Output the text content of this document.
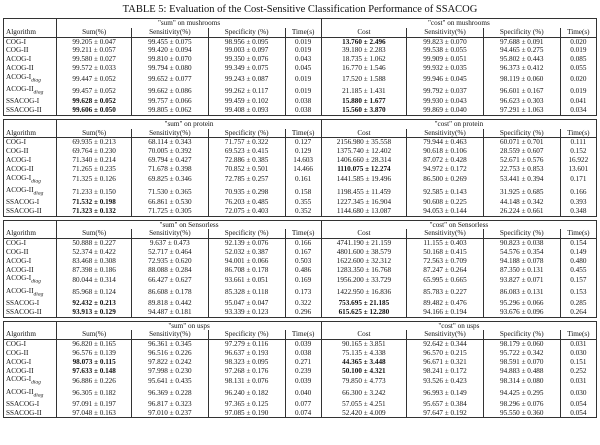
TABLE 5: Evaluation of the Cost-Sensitive Classification Performance of SSACOG
	"sum" on mushrooms				"cost" on mushrooms			
Algorithm	Sum(%)	Sensitivity(%)	Specificity (%)	Time(s)	Cost	Sensitivity(%)	Specificity (%)	Time(s)
COG-I	99.205 ± 0.047	99.455 ± 0.075	98.956 ± 0.095	0.019	13.760 ± 2.496	99.823 ± 0.070	97.688 ± 0.091	0.020
COG-II	99.211 ± 0.057	99.420 ± 0.094	99.003 ± 0.097	0.019	39.180 ± 2.283	99.538 ± 0.055	94.465 ± 0.275	0.019
ACOG-I	99.580 ± 0.027	99.810 ± 0.070	99.350 ± 0.076	0.043	18.735 ± 1.062	99.909 ± 0.051	95.802 ± 0.443	0.085
ACOG-II	99.572 ± 0.033	99.794 ± 0.080	99.349 ± 0.075	0.045	16.770 ± 1.546	99.932 ± 0.035	96.373 ± 0.412	0.055
ACOG-$I_{diag}$	99.447 ± 0.052	99.652 ± 0.077	99.243 ± 0.087	0.019	17.520 ± 1.588	99.946 ± 0.045	98.119 ± 0.060	0.020
ACOG-$II_{diag}$	99.457 ± 0.052	99.662 ± 0.086	99.262 ± 0.117	0.019	21.185 ± 1.431	99.792 ± 0.037	96.601 ± 0.167	0.019
SSACOG-I	99.628 ± 0.052	99.757 ± 0.066	99.459 ± 0.102	0.038	15.880 ± 1.677	99.930 ± 0.043	96.623 ± 0.303	0.041
SSACOG-II	99.606 ± 0.050	99.805 ± 0.062	99.408 ± 0.093	0.038	15.560 ± 3.870	99.869 ± 0.040	97.291 ± 1.063	0.034

	"sum" on protein				"cost" on protein			
Algorithm	Sum(%)	Sensitivity(%)	Specificity (%)	Time(s)	Cost	Sensitivity(%)	Specificity (%)	Time(s)
COG-I	69.935 ± 0.213	68.114 ± 0.343	71.757 ± 0.322	0.127	2156.980 ± 35.558	79.944 ± 0.463	60.071 ± 0.701	0.111
COG-II	69.764 ± 0.230	70.005 ± 0.392	69.523 ± 0.415	0.129	1375.740 ± 12.402	90.618 ± 0.106	28.559 ± 0.607	0.152
ACOG-I	71.340 ± 0.214	69.794 ± 0.427	72.886 ± 0.385	14.603	1406.660 ± 28.314	87.072 ± 0.428	52.671 ± 0.576	16.922
ACOG-II	71.265 ± 0.235	71.678 ± 0.398	70.852 ± 0.501	14.466	1110.075 ± 12.274	94.972 ± 0.172	22.753 ± 0.853	13.601
ACOG-$I_{diag}$	71.325 ± 0.126	69.825 ± 0.346	72.785 ± 0.257	0.161	1441.585 ± 19.496	86.500 ± 0.269	53.441 ± 0.394	0.171
ACOG-$II_{diag}$	71.233 ± 0.150	71.530 ± 0.365	70.935 ± 0.298	0.158	1198.455 ± 11.459	92.585 ± 0.143	31.925 ± 0.685	0.166
SSACOG-I	71.532 ± 0.198	66.861 ± 0.530	76.203 ± 0.485	0.355	1227.345 ± 16.904	90.608 ± 0.225	44.148 ± 0.342	0.393
SSACOG-II	71.323 ± 0.132	71.725 ± 0.305	72.075 ± 0.403	0.352	1144.680 ± 13.087	94.053 ± 0.144	26.224 ± 0.661	0.348

	"sum" on Sensorless				"cost" on Sensorless			
Algorithm	Sum(%)	Sensitivity(%)	Specificity (%)	Time(s)	Cost	Sensitivity(%)	Specificity (%)	Time(s)
COG-I	50.888 ± 0.227	9.637 ± 0.473	92.139 ± 0.076	0.166	4741.190 ± 21.159	11.155 ± 0.403	90.823 ± 0.038	0.154
COG-II	52.374 ± 0.422	52.717 ± 0.464	52.032 ± 0.387	0.167	4801.600 ± 38.579	50.168 ± 0.415	54.576 ± 0.354	0.149
ACOG-I	83.468 ± 0.308	72.935 ± 0.620	94.001 ± 0.066	0.503	1622.600 ± 32.312	72.563 ± 0.709	94.188 ± 0.078	0.480
ACOG-II	87.398 ± 0.186	88.088 ± 0.284	86.708 ± 0.178	0.486	1283.350 ± 16.768	87.247 ± 0.264	87.350 ± 0.131	0.455
ACOG-$I_{diag}$	80.044 ± 0.314	66.427 ± 0.627	93.661 ± 0.051	0.169	1956.200 ± 33.729	65.995 ± 0.665	93.827 ± 0.071	0.157
ACOG-$II_{diag}$	85.968 ± 0.124	86.608 ± 0.178	85.328 ± 0.118	0.173	1422.950 ± 16.836	85.783 ± 0.227	86.083 ± 0.131	0.153
SSACOG-I	92.432 ± 0.213	89.818 ± 0.442	95.047 ± 0.047	0.322	753.695 ± 21.185	89.482 ± 0.476	95.296 ± 0.066	0.285
SSACOG-II	93.913 ± 0.129	94.487 ± 0.181	93.339 ± 0.123	0.296	615.625 ± 12.280	94.166 ± 0.194	93.676 ± 0.096	0.264

	"sum" on usps				"cost" on usps			
Algorithm	Sum(%)	Sensitivity(%)	Specificity (%)	Time(s)	Cost	Sensitivity(%)	Specificity (%)	Time(s)
COG-I	96.820 ± 0.165	96.361 ± 0.345	97.279 ± 0.116	0.039	90.165 ± 3.851	92.642 ± 0.344	98.179 ± 0.060	0.031
COG-II	96.576 ± 0.139	96.516 ± 0.226	96.637 ± 0.193	0.038	75.135 ± 4.338	96.570 ± 0.215	95.722 ± 0.342	0.030
ACOG-I	98.073 ± 0.115	97.822 ± 0.242	98.323 ± 0.095	0.271	44.365 ± 3.448	96.671 ± 0.321	98.591 ± 0.070	0.151
ACOG-II	97.633 ± 0.148	97.998 ± 0.230	97.268 ± 0.176	0.239	50.100 ± 4.321	98.241 ± 0.172	94.883 ± 0.488	0.252
ACOG-$I_{diag}$	96.886 ± 0.226	95.641 ± 0.435	98.131 ± 0.076	0.039	79.850 ± 4.773	93.526 ± 0.423	98.314 ± 0.080	0.031
ACOG-$II_{diag}$	96.305 ± 0.182	96.369 ± 0.228	96.240 ± 0.182	0.040	66.300 ± 3.242	96.993 ± 0.149	94.425 ± 0.295	0.030
SSACOG-I	97.091 ± 0.197	96.817 ± 0.323	97.365 ± 0.125	0.077	57.055 ± 4.251	95.657 ± 0.384	98.296 ± 0.076	0.054
SSACOG-II	97.048 ± 0.163	97.010 ± 0.237	97.085 ± 0.190	0.074	52.420 ± 4.009	97.647 ± 0.192	95.550 ± 0.360	0.054
